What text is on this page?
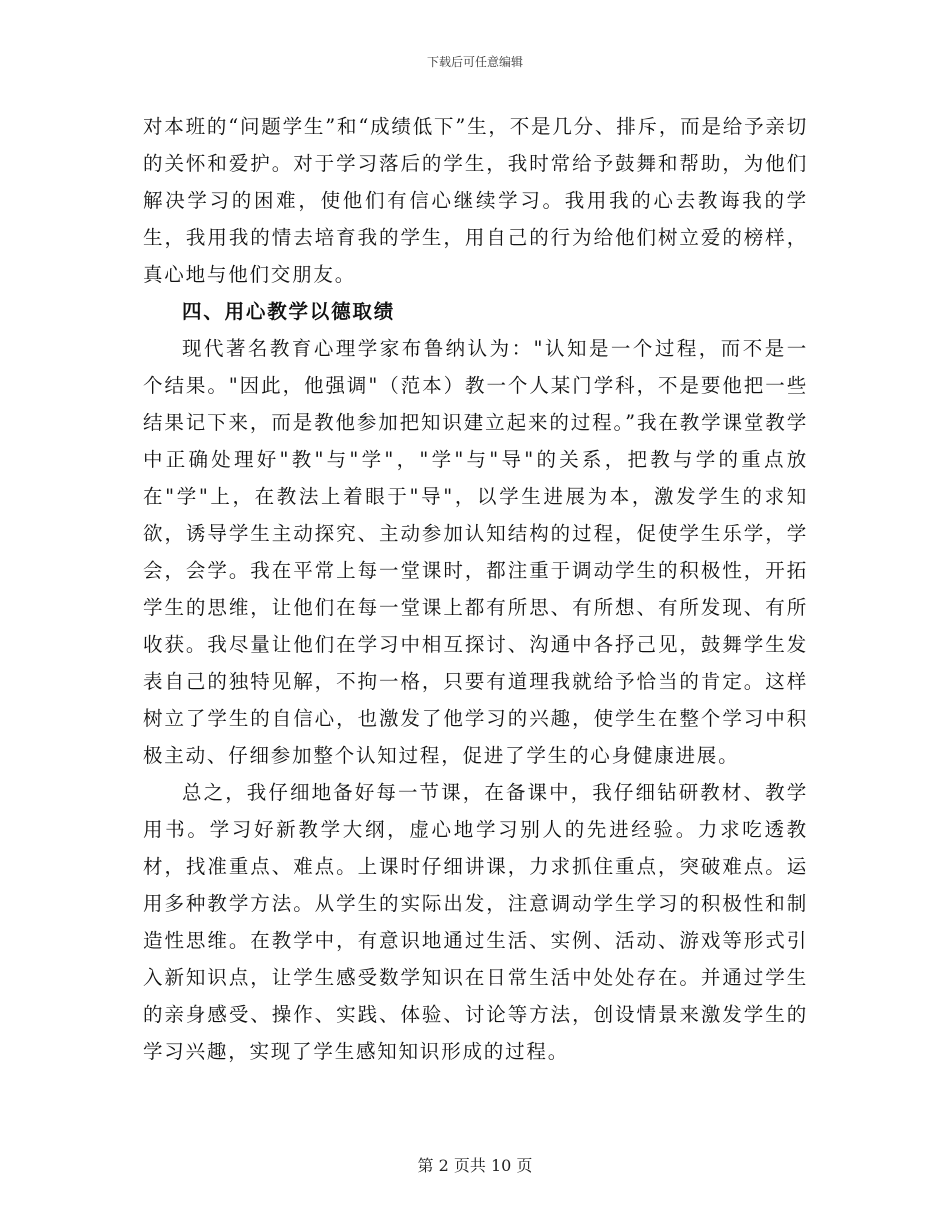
下载后可任意编辑

对本班的“问题学生”和“成绩低下”生，不是几分、排斥，而是给予亲切的关怀和爱护。对于学习落后的学生，我时常给予鼓舞和帮助，为他们解决学习的困难，使他们有信心继续学习。我用我的心去教诲我的学生，我用我的情去培育我的学生，用自己的行为给他们树立爱的榜样，真心地与他们交朋友。

四、用心教学以德取绩

现代著名教育心理学家布鲁纳认为："认知是一个过程，而不是一个结果。"因此，他强调"（范本）教一个人某门学科，不是要他把一些结果记下来，而是教他参加把知识建立起来的过程。”我在教学课堂教学中正确处理好"教"与"学"，"学"与"导"的关系，把教与学的重点放在"学"上，在教法上着眼于"导"，以学生进展为本，激发学生的求知欲，诱导学生主动探究、主动参加认知结构的过程，促使学生乐学，学会，会学。我在平常上每一堂课时，都注重于调动学生的积极性，开拓学生的思维，让他们在每一堂课上都有所思、有所想、有所发现、有所收获。我尽量让他们在学习中相互探讨、沟通中各抒己见，鼓舞学生发表自己的独特见解，不拘一格，只要有道理我就给予恰当的肯定。这样树立了学生的自信心，也激发了他学习的兴趣，使学生在整个学习中积极主动、仔细参加整个认知过程，促进了学生的心身健康进展。

总之，我仔细地备好每一节课，在备课中，我仔细钻研教材、教学用书。学习好新教学大纲，虚心地学习别人的先进经验。力求吃透教材，找准重点、难点。上课时仔细讲课，力求抓住重点，突破难点。运用多种教学方法。从学生的实际出发，注意调动学生学习的积极性和制造性思维。在教学中，有意识地通过生活、实例、活动、游戏等形式引入新知识点，让学生感受数学知识在日常生活中处处存在。并通过学生的亲身感受、操作、实践、体验、讨论等方法，创设情景来激发学生的学习兴趣，实现了学生感知知识形成的过程。

第 2 页共 10 页
